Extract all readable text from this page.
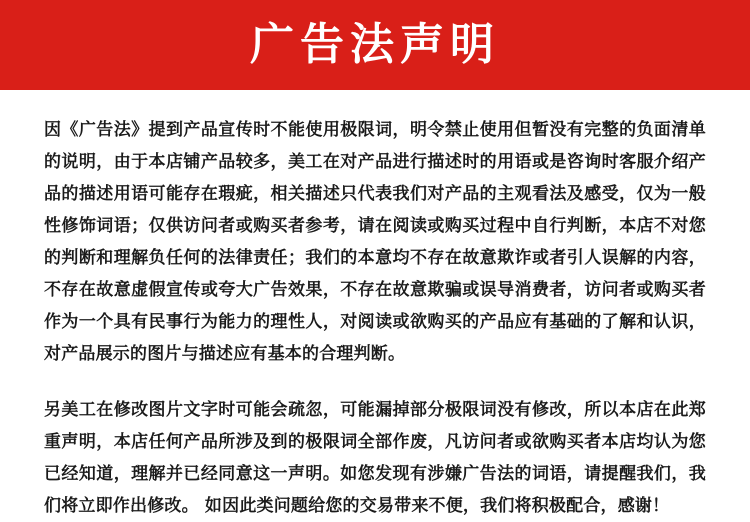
广告法声明

因《广告法》提到产品宣传时不能使用极限词，明令禁止使用但暂没有完整的负面清单的说明，由于本店铺产品较多，美工在对产品进行描述时的用语或是咨询时客服介绍产品的描述用语可能存在瑕疵，相关描述只代表我们对产品的主观看法及感受，仅为一般性修饰词语；仅供访问者或购买者参考，请在阅读或购买过程中自行判断，本店不对您的判断和理解负任何的法律责任；我们的本意均不存在故意欺诈或者引人误解的内容，不存在故意虚假宣传或夸大广告效果，不存在故意欺骗或误导消费者，访问者或购买者作为一个具有民事行为能力的理性人，对阅读或欲购买的产品应有基础的了解和认识，对产品展示的图片与描述应有基本的合理判断。

另美工在修改图片文字时可能会疏忽，可能漏掉部分极限词没有修改，所以本店在此郑重声明，本店任何产品所涉及到的极限词全部作废，凡访问者或欲购买者本店均认为您已经知道，理解并已经同意这一声明。如您发现有涉嫌广告法的词语，请提醒我们，我们将立即作出修改。 如因此类问题给您的交易带来不便，我们将积极配合，感谢！
